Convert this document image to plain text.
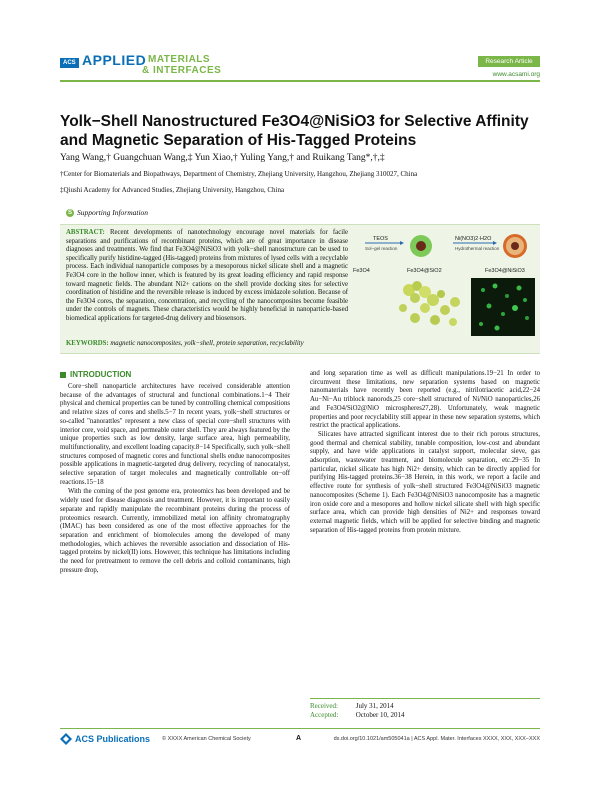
ACS APPLIED MATERIALS
& INTERFACES
Research Article
www.acsami.org
Yolk−Shell Nanostructured Fe3O4@NiSiO3 for Selective Affinity and Magnetic Separation of His-Tagged Proteins
Yang Wang,† Guangchuan Wang,‡ Yun Xiao,† Yuling Yang,† and Ruikang Tang*,†,‡
†Center for Biomaterials and Biopathways, Department of Chemistry, Zhejiang University, Hangzhou, Zhejiang 310027, China
‡Qiushi Academy for Advanced Studies, Zhejiang University, Hangzhou, China
S Supporting Information
ABSTRACT: Recent developments of nanotechnology encourage novel materials for facile separations and purifications of recombinant proteins, which are of great importance in disease diagnoses and treatments. We find that Fe3O4@NiSiO3 with yolk−shell nanostructure can be used to specifically purify histidine-tagged (His-tagged) proteins from mixtures of lysed cells with a recyclable process. Each individual nanoparticle composes by a mesoporous nickel silicate shell and a magnetic Fe3O4 core in the hollow inner, which is featured by its great loading efficiency and rapid response toward magnetic fields. The abundant Ni2+ cations on the shell provide docking sites for selective coordination of histidine and the reversible release is induced by excess imidazole solution. Because of the Fe3O4 cores, the separation, concentration, and recycling of the nanocomposites become feasible under the controls of magnets. These characteristics would be highly beneficial in nanoparticle-based biomedical applications for targeted-drug delivery and biosensors.
TEOS
Sol−gel reaction
Ni(NO3)2·H2O
Hydrothermal reaction
Fe3O4	Fe3O4@SiO2	Fe3O4@NiSiO3
KEYWORDS: magnetic nanocomposites, yolk−shell, protein separation, recyclability
INTRODUCTION

Core−shell nanoparticle architectures have received considerable attention because of the advantages of structural and functional combinations.1−4 Their physical and chemical properties can be tuned by controlling chemical compositions and relative sizes of cores and shells.5−7 In recent years, yolk−shell structures or so-called "nanorattles" represent a new class of special core−shell structures with interior core, void space, and permeable outer shell. They are always featured by the unique properties such as low density, large surface area, high permeability, multifunctionality, and excellent loading capacity.8−14 Specifically, such yolk−shell structures composed of magnetic cores and functional shells endue nanocomposites possible applications in magnetic-targeted drug delivery, recycling of nanocatalyst, selective separation of target molecules and magnetically controllable on−off reactions.15−18

With the coming of the post genome era, proteomics has been developed and be widely used for disease diagnosis and treatment. However, it is important to easily separate and rapidly manipulate the recombinant proteins during the process of proteomics research. Currently, immobilized metal ion affinity chromatography (IMAC) has been considered as one of the most effective approaches for the separation and enrichment of biomolecules among the developed of many methodologies, which achieves the reversible association and dissociation of His-tagged proteins by nickel(II) ions. However, this technique has limitations including the need for pretreatment to remove the cell debris and colloid contaminants, high pressure drop,

and long separation time as well as difficult manipulations.19−21 In order to circumvent these limitations, new separation systems based on magnetic nanomaterials have recently been reported (e.g., nitrilotriacetic acid,22−24 Au−Ni−Au triblock nanorods,25 core−shell structured of Ni/NiO nanoparticles,26 and Fe3O4/SiO2@NiO microspheres27,28). Unfortunately, weak magnetic properties and poor recyclability still appear in these new separation systems, which restrict the practical applications.

Silicates have attracted significant interest due to their rich porous structures, good thermal and chemical stability, tunable composition, low-cost and abundant supply, and have wide applications in catalyst support, molecular sieve, gas adsorption, wastewater treatment, and biomolecule separation, etc.29−35 In particular, nickel silicate has high Ni2+ density, which can be directly applied for purifying His-tagged proteins.36−38 Herein, in this work, we report a facile and effective route for synthesis of yolk−shell structured Fe3O4@NiSiO3 magnetic nanocomposites (Scheme 1). Each Fe3O4@NiSiO3 nanocomposite has a magnetic iron oxide core and a mesopores and hollow nickel silicate shell with high specific surface area, which can provide high densities of Ni2+ and responses toward external magnetic fields, which will be applied for selective binding and magnetic separation of His-tagged proteins from protein mixture.

Received:	July 31, 2014
Accepted: October 10, 2014
ACS Publications © XXXX American Chemical Society	A	dx.doi.org/10.1021/am505041a | ACS Appl. Mater. Interfaces XXXX, XXX, XXX−XXX
